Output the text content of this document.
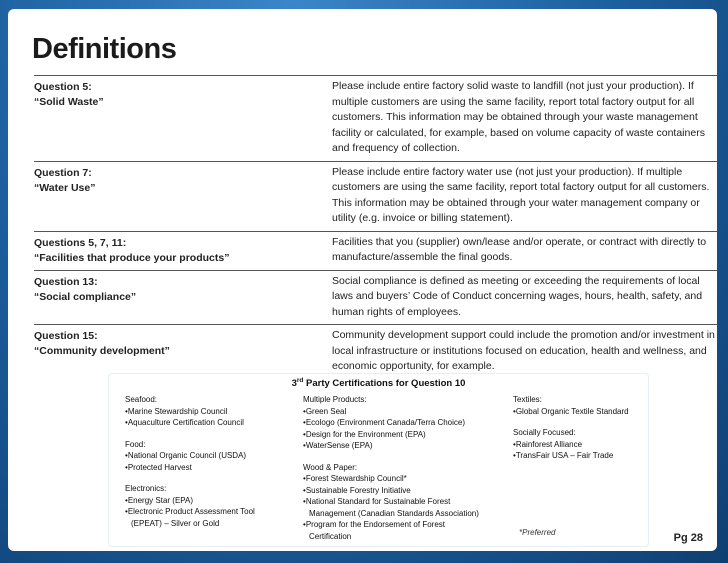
Definitions
Question 5:
“Solid Waste”
Please include entire factory solid waste to landfill (not just your production). If multiple customers are using the same facility, report total factory output for all customers. This information may be obtained through your waste management facility or calculated, for example, based on volume capacity of waste containers and frequency of collection.
Question 7:
“Water Use”
Please include entire factory water use (not just your production). If multiple customers are using the same facility, report total factory output for all customers. This information may be obtained through your water management company or utility (e.g. invoice or billing statement).
Questions 5, 7, 11:
“Facilities that produce your products”
Facilities that you (supplier) own/lease and/or operate, or contract with directly to manufacture/assemble the final goods.
Question 13:
“Social compliance”
Social compliance is defined as meeting or exceeding the requirements of local laws and buyers’ Code of Conduct concerning wages, hours, health, safety, and human rights of employees.
Question 15:
“Community development”
Community development support could include the promotion and/or investment in local infrastructure or institutions focused on education, health and wellness, and economic opportunity, for example.
3rd Party Certifications for Question 10
Seafood:
• Marine Stewardship Council
• Aquaculture Certification Council
Food:
• National Organic Council (USDA)
• Protected Harvest
Electronics:
• Energy Star (EPA)
• Electronic Product Assessment Tool
(EPEAT) – Silver or Gold
Multiple Products:
• Green Seal
• Ecologo (Environment Canada/Terra Choice)
• Design for the Environment (EPA)
• WaterSense (EPA)
Wood & Paper:
• Forest Stewardship Council*
• Sustainable Forestry Initiative
• National Standard for Sustainable Forest
Management (Canadian Standards Association)
• Program for the Endorsement of Forest
Certification
Textiles:
• Global Organic Textile Standard
Socially Focused:
• Rainforest Alliance
• TransFair USA – Fair Trade
*Preferred	Pg 28
